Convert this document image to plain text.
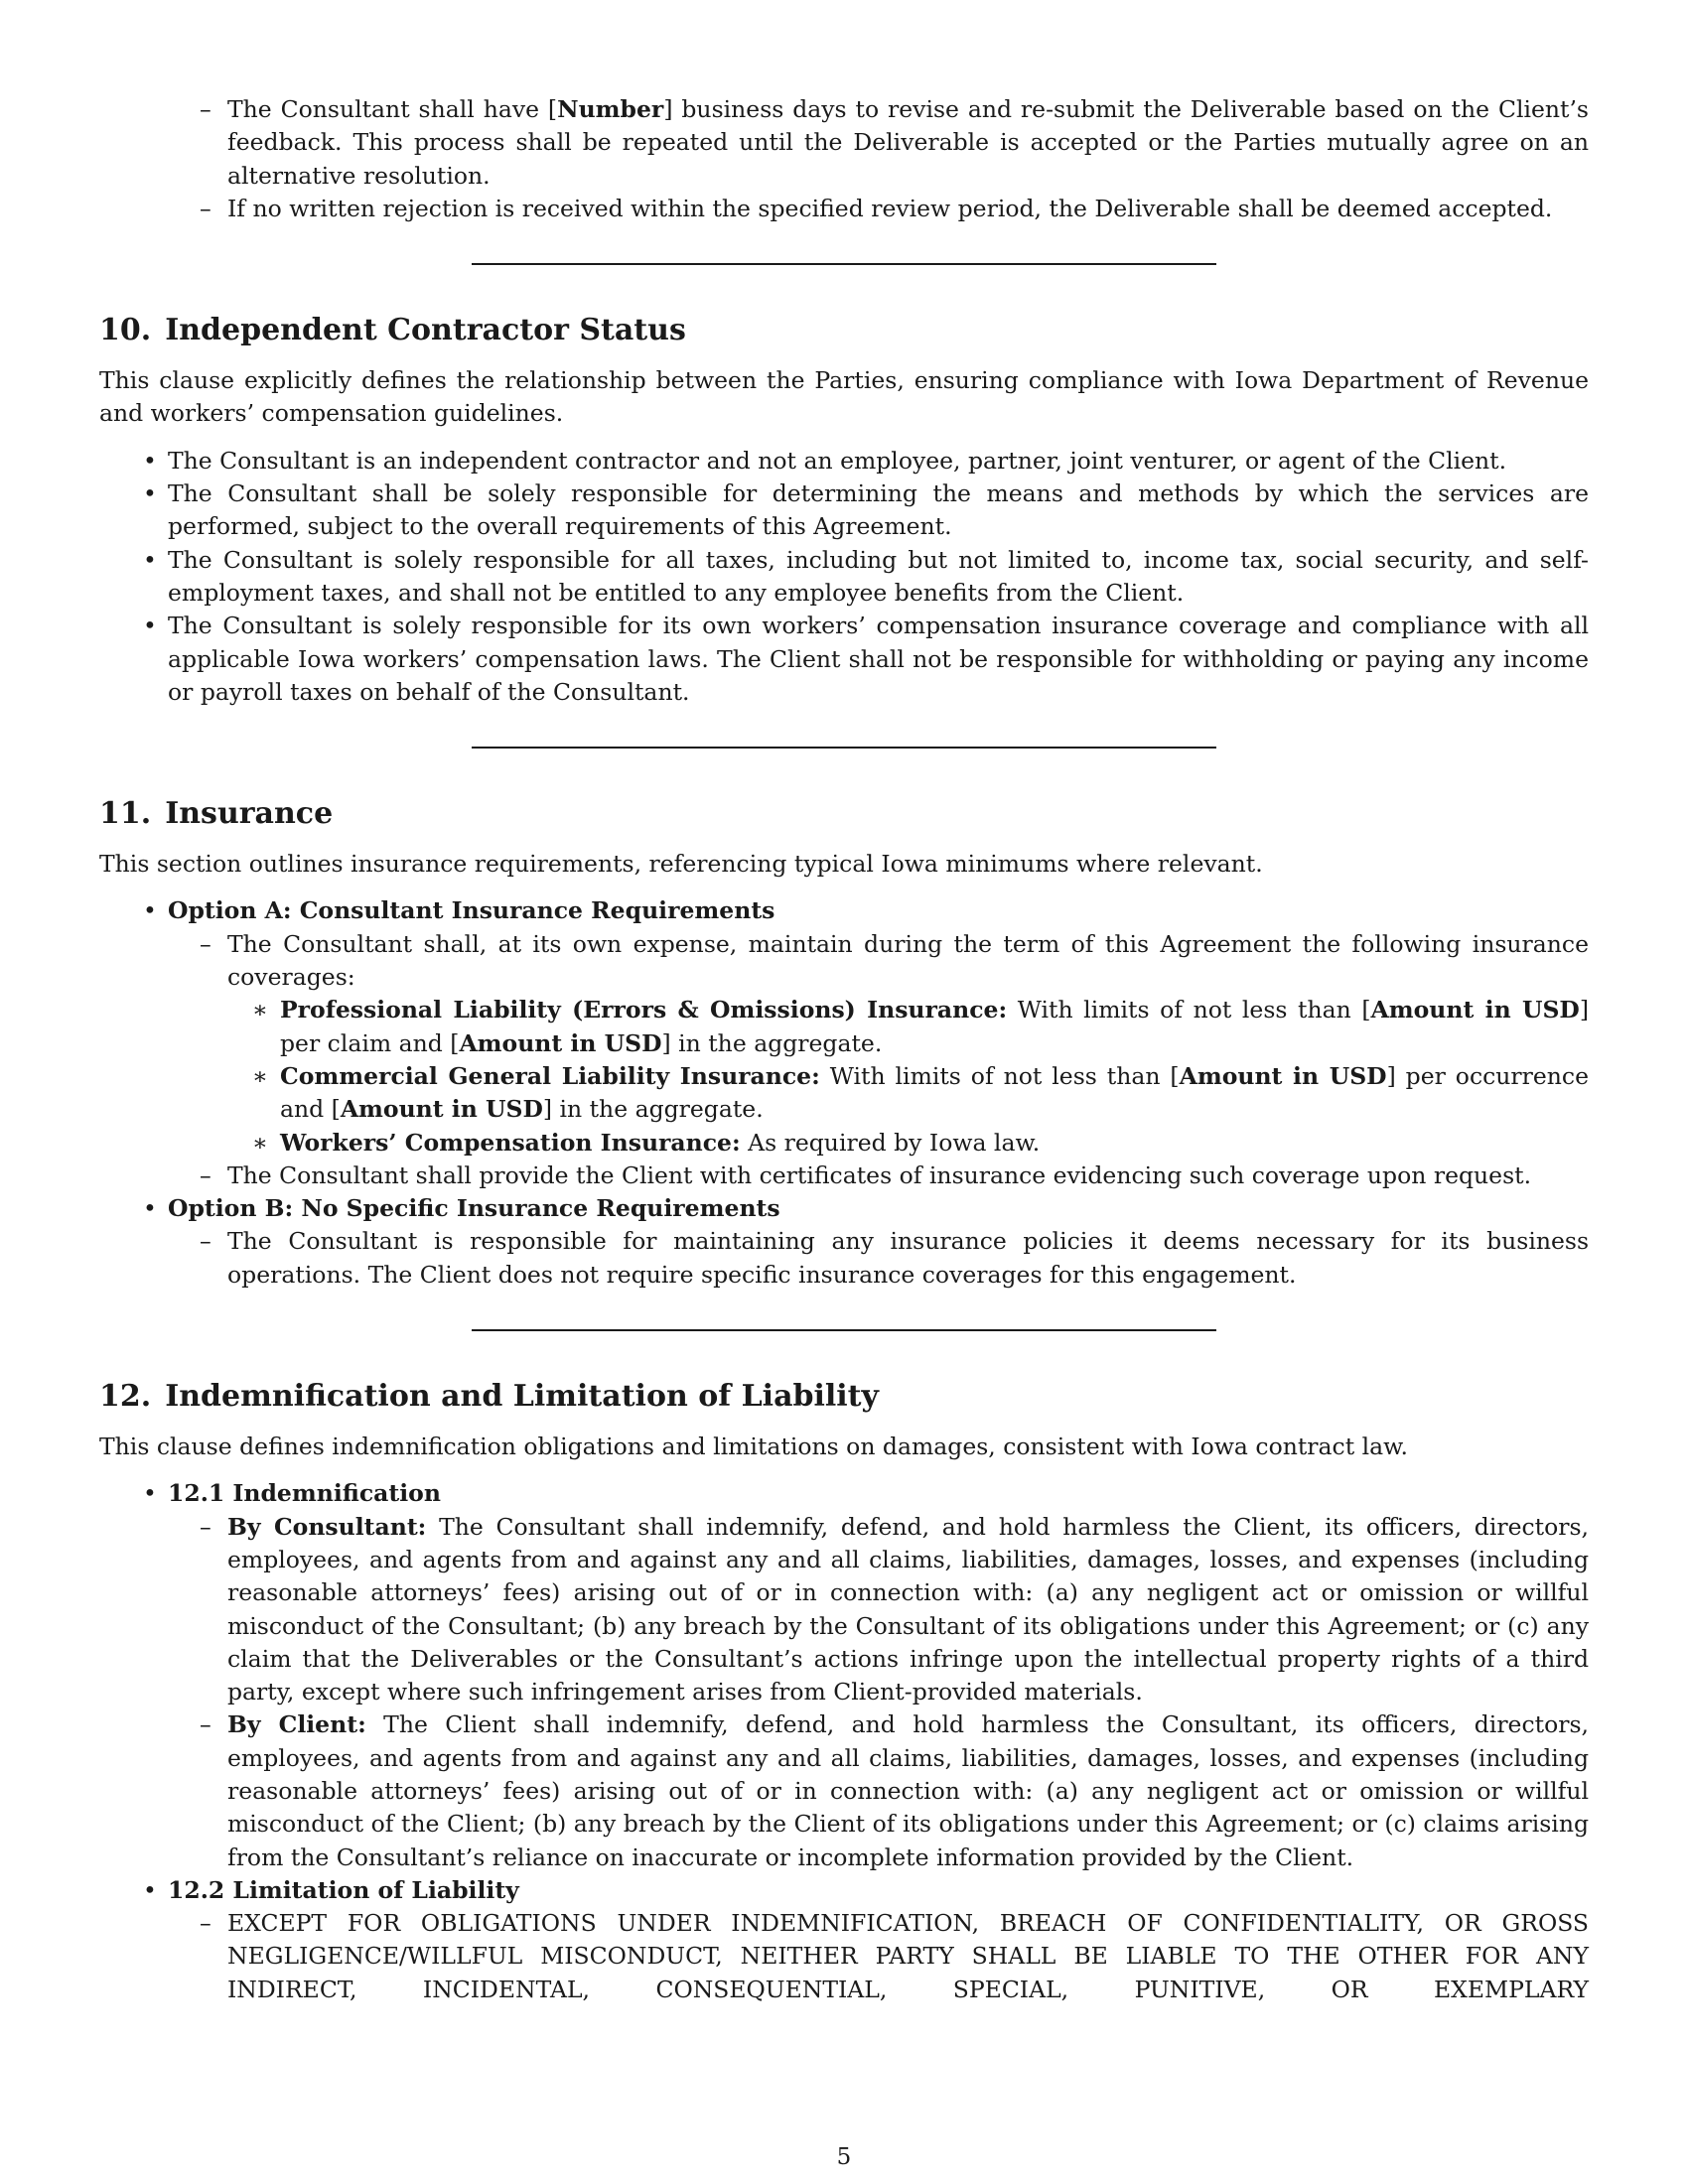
– The Consultant shall have [Number] business days to revise and re-submit the Deliverable based on the Client’s feedback. This process shall be repeated until the Deliverable is accepted or the Parties mutually agree on an alternative resolution.
– If no written rejection is received within the specified review period, the Deliverable shall be deemed accepted.
10. Independent Contractor Status

This clause explicitly defines the relationship between the Parties, ensuring compliance with Iowa Department of Revenue and workers’ compensation guidelines.

• The Consultant is an independent contractor and not an employee, partner, joint venturer, or agent of the Client.
• The Consultant shall be solely responsible for determining the means and methods by which the services are performed, subject to the overall requirements of this Agreement.
• The Consultant is solely responsible for all taxes, including but not limited to, income tax, social security, and self-employment taxes, and shall not be entitled to any employee benefits from the Client.
• The Consultant is solely responsible for its own workers’ compensation insurance coverage and compliance with all applicable Iowa workers’ compensation laws. The Client shall not be responsible for withholding or paying any income or payroll taxes on behalf of the Consultant.
11. Insurance

This section outlines insurance requirements, referencing typical Iowa minimums where relevant.

• Option A: Consultant Insurance Requirements
– The Consultant shall, at its own expense, maintain during the term of this Agreement the following insurance coverages:
∗ Professional Liability (Errors & Omissions) Insurance: With limits of not less than [Amount in USD] per claim and [Amount in USD] in the aggregate.
∗ Commercial General Liability Insurance: With limits of not less than [Amount in USD] per occurrence and [Amount in USD] in the aggregate.
∗ Workers’ Compensation Insurance: As required by Iowa law.
– The Consultant shall provide the Client with certificates of insurance evidencing such coverage upon request.
• Option B: No Specific Insurance Requirements
– The Consultant is responsible for maintaining any insurance policies it deems necessary for its business operations. The Client does not require specific insurance coverages for this engagement.
12. Indemnification and Limitation of Liability

This clause defines indemnification obligations and limitations on damages, consistent with Iowa contract law.

• 12.1 Indemnification
– By Consultant: The Consultant shall indemnify, defend, and hold harmless the Client, its officers, directors, employees, and agents from and against any and all claims, liabilities, damages, losses, and expenses (including reasonable attorneys’ fees) arising out of or in connection with: (a) any negligent act or omission or willful misconduct of the Consultant; (b) any breach by the Consultant of its obligations under this Agreement; or (c) any claim that the Deliverables or the Consultant’s actions infringe upon the intellectual property rights of a third party, except where such infringement arises from Client-provided materials.
– By Client: The Client shall indemnify, defend, and hold harmless the Consultant, its officers, directors, employees, and agents from and against any and all claims, liabilities, damages, losses, and expenses (including reasonable attorneys’ fees) arising out of or in connection with: (a) any negligent act or omission or willful misconduct of the Client; (b) any breach by the Client of its obligations under this Agreement; or (c) claims arising from the Consultant’s reliance on inaccurate or incomplete information provided by the Client.
• 12.2 Limitation of Liability
– EXCEPT FOR OBLIGATIONS UNDER INDEMNIFICATION, BREACH OF CONFIDENTIALITY, OR GROSS NEGLIGENCE/WILLFUL MISCONDUCT, NEITHER PARTY SHALL BE LIABLE TO THE OTHER FOR ANY INDIRECT, INCIDENTAL, CONSEQUENTIAL, SPECIAL, PUNITIVE, OR EXEMPLARY
5
